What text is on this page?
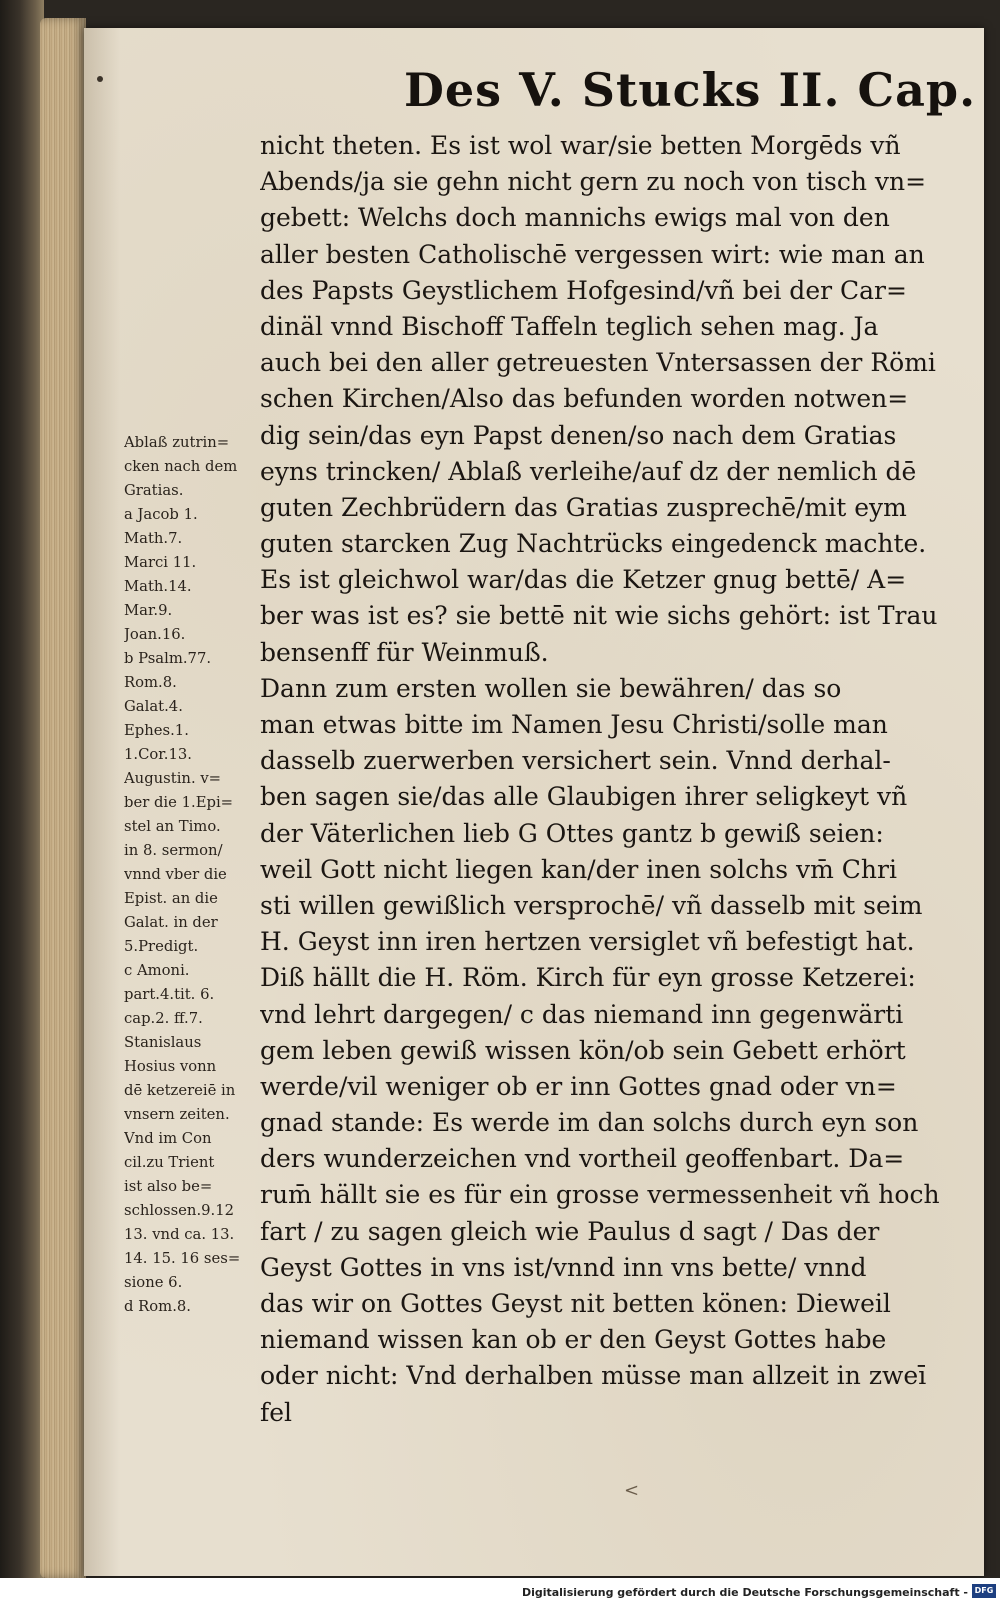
Des V. Stucks II. Cap.
nicht theten. Es ist wol war/sie betten Morgēds vñ
Abends/ja sie gehn nicht gern zu noch von tisch vn=
gebett: Welchs doch mannichs ewigs mal von den
aller besten Catholischē vergessen wirt: wie man an
des Papsts Geystlichem Hofgesind/vñ bei der Car=
dinäl vnnd Bischoff Taffeln teglich sehen mag. Ja
auch bei den aller getreuesten Vntersassen der Römi
schen Kirchen/Also das befunden worden notwen=
dig sein/das eyn Papst denen/so nach dem Gratias
eyns trincken/ Ablaß verleihe/auf dz der nemlich dē
guten Zechbrüdern das Gratias zusprechē/mit eym
guten starcken Zug Nachtrücks eingedenck machte.
Es ist gleichwol war/das die Ketzer gnug bettē/ A=
ber was ist es? sie bettē nit wie sichs gehört: ist Trau
bensenff für Weinmuß.
Dann zum ersten wollen sie bewähren/ das so
man etwas bitte im Namen Jesu Christi/solle man
dasselb zuerwerben versichert sein. Vnnd derhal-
ben sagen sie/das alle Glaubigen ihrer seligkeyt vñ
der Väterlichen lieb G Ottes gantz b gewiß seien:
weil Gott nicht liegen kan/der inen solchs vm̄ Chri
sti willen gewißlich versprochē/ vñ dasselb mit seim
H. Geyst inn iren hertzen versiglet vñ befestigt hat.
Diß hällt die H. Röm. Kirch für eyn grosse Ketzerei:
vnd lehrt dargegen/ c das niemand inn gegenwärti
gem leben gewiß wissen kön/ob sein Gebett erhört
werde/vil weniger ob er inn Gottes gnad oder vn=
gnad stande: Es werde im dan solchs durch eyn son
ders wunderzeichen vnd vortheil geoffenbart. Da=
rum̄ hällt sie es für ein grosse vermessenheit vñ hoch
fart / zu sagen gleich wie Paulus d sagt / Das der
Geyst Gottes in vns ist/vnnd inn vns bette/ vnnd
das wir on Gottes Geyst nit betten könen: Dieweil
niemand wissen kan ob er den Geyst Gottes habe
oder nicht: Vnd derhalben müsse man allzeit in zweī
fel
Ablaß zutrin=
cken nach dem
Gratias.
a Jacob 1.
Math.7.
Marci 11.
Math.14.
Mar.9.
Joan.16.
b Psalm.77.
Rom.8.
Galat.4.
Ephes.1.
1.Cor.13.
Augustin. v=
ber die 1.Epi=
stel an Timo.
in 8. sermon/
vnnd vber die
Epist. an die
Galat. in der
5.Predigt.
c Amoni.
part.4.tit. 6.
cap.2. ff.7.
Stanislaus
Hosius vonn
dē ketzereiē in
vnsern zeiten.
Vnd im Con
cil.zu Trient
ist also be=
schlossen.9.12
13. vnd ca. 13.
14. 15. 16 ses=
sione 6.
d Rom.8.
<
Digitalisierung gefördert durch die Deutsche Forschungsgemeinschaft - DFG
